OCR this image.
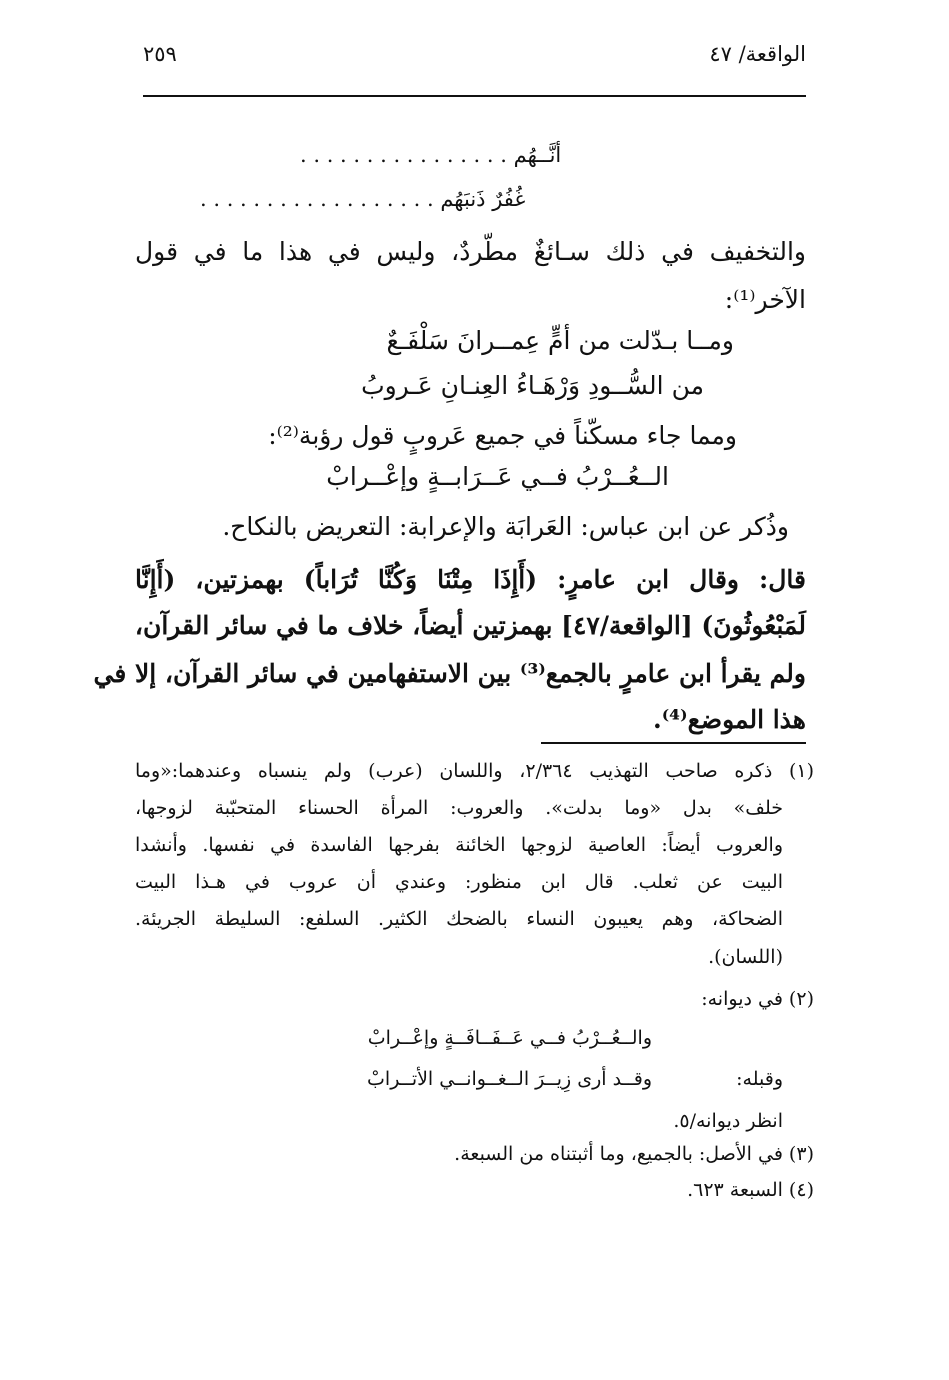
الواقعة/ ٤٧
٢٥٩
أنَّــهُم . . . . . . . . . . . . . . . .
غُفُرٌ ذَنبَهُم . . . . . . . . . . . . . . . . . .
والتخفيف في ذلك سـائغٌ مطّردٌ، وليس في هذا ما في قول
الآخر⁽¹⁾:
ومــا بـدّلت من أمٍّ عِمــرانَ سَلْفَـعٌ
من السُّــودِ وَرْهَـاءُ العِنـانِ عَـروبُ
ومما جاء مسكّناً في جميع عَروبٍ قول رؤبة⁽²⁾:
الــعُــرْبُ فــي عَــرَابــةٍ وإعْــرابْ
وذُكر عن ابن عباس: العَرابَة والإعرابة: التعريض بالنكاح.
قال: وقال ابن عامرٍ: (أَإِذَا مِتْنَا وَكُنَّا تُرَاباً) بهمزتين، (أَإِنَّا
لَمَبْعُوثُونَ) [الواقعة/٤٧] بهمزتين أيضاً، خلاف ما في سائر القرآن،
ولم يقرأ ابن عامرٍ بالجمع⁽³⁾ بين الاستفهامين في سائر القرآن، إلا في
هذا الموضع⁽⁴⁾.
(١) ذكره صاحب التهذيب ٢/٣٦٤، واللسان (عرب) ولم ينسباه وعندهما:«وما
خلف» بدل «وما بدلت». والعروب: المرأة الحسناء المتحبّبة لزوجها،
والعروب أيضاً: العاصية لزوجها الخائنة بفرجها الفاسدة في نفسها. وأنشدا
البيت عن ثعلب. قال ابن منظور: وعندي أن عروب في هـذا البيت
الضحاكة، وهم يعيبون النساء بالضحك الكثير. السلفع: السليطة الجريئة.
(اللسان).
(٢) في ديوانه:
والــعُــرْبُ فــي عَــفَــافَــةٍ وإعْــرابْ
وقبله:
وقــد أرى زِيــرَ الــغــوانــي الأتــرابْ
انظر ديوانه/٥.
(٣) في الأصل: بالجميع، وما أثبتناه من السبعة.
(٤) السبعة ٦٢٣.
